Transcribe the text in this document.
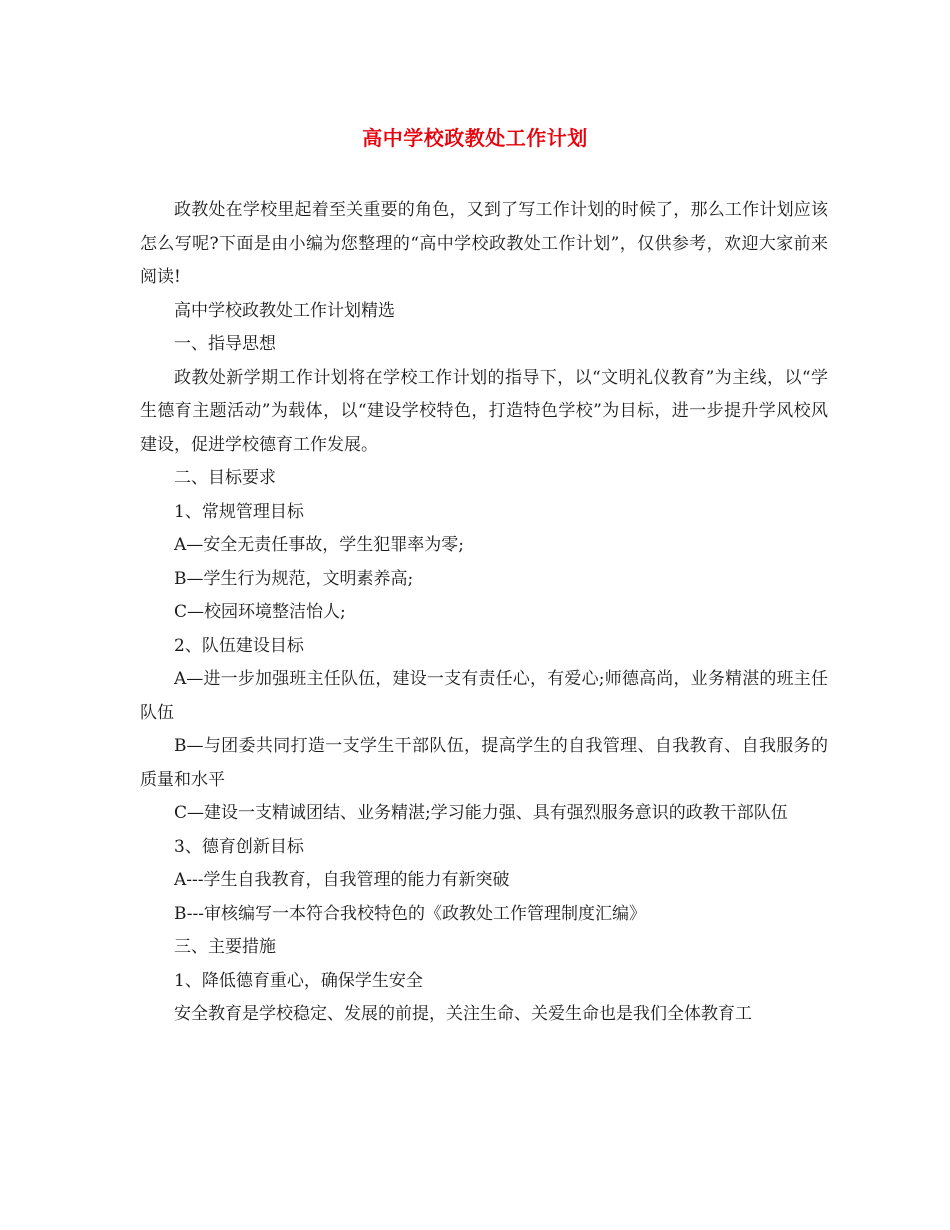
高中学校政教处工作计划

政教处在学校里起着至关重要的角色，又到了写工作计划的时候了，那么工作计划应该怎么写呢?下面是由小编为您整理的“高中学校政教处工作计划”，仅供参考，欢迎大家前来阅读!

高中学校政教处工作计划精选

一、指导思想

政教处新学期工作计划将在学校工作计划的指导下，以“文明礼仪教育”为主线，以“学生德育主题活动”为载体，以“建设学校特色，打造特色学校”为目标，进一步提升学风校风建设，促进学校德育工作发展。

二、目标要求

1、常规管理目标

A—安全无责任事故，学生犯罪率为零;

B—学生行为规范，文明素养高;

C—校园环境整洁怡人;

2、队伍建设目标

A—进一步加强班主任队伍，建设一支有责任心，有爱心;师德高尚，业务精湛的班主任队伍

B—与团委共同打造一支学生干部队伍，提高学生的自我管理、自我教育、自我服务的质量和水平

C—建设一支精诚团结、业务精湛;学习能力强、具有强烈服务意识的政教干部队伍

3、德育创新目标

A---学生自我教育，自我管理的能力有新突破

B---审核编写一本符合我校特色的《政教处工作管理制度汇编》

三、主要措施

1、降低德育重心，确保学生安全

安全教育是学校稳定、发展的前提，关注生命、关爱生命也是我们全体教育工
